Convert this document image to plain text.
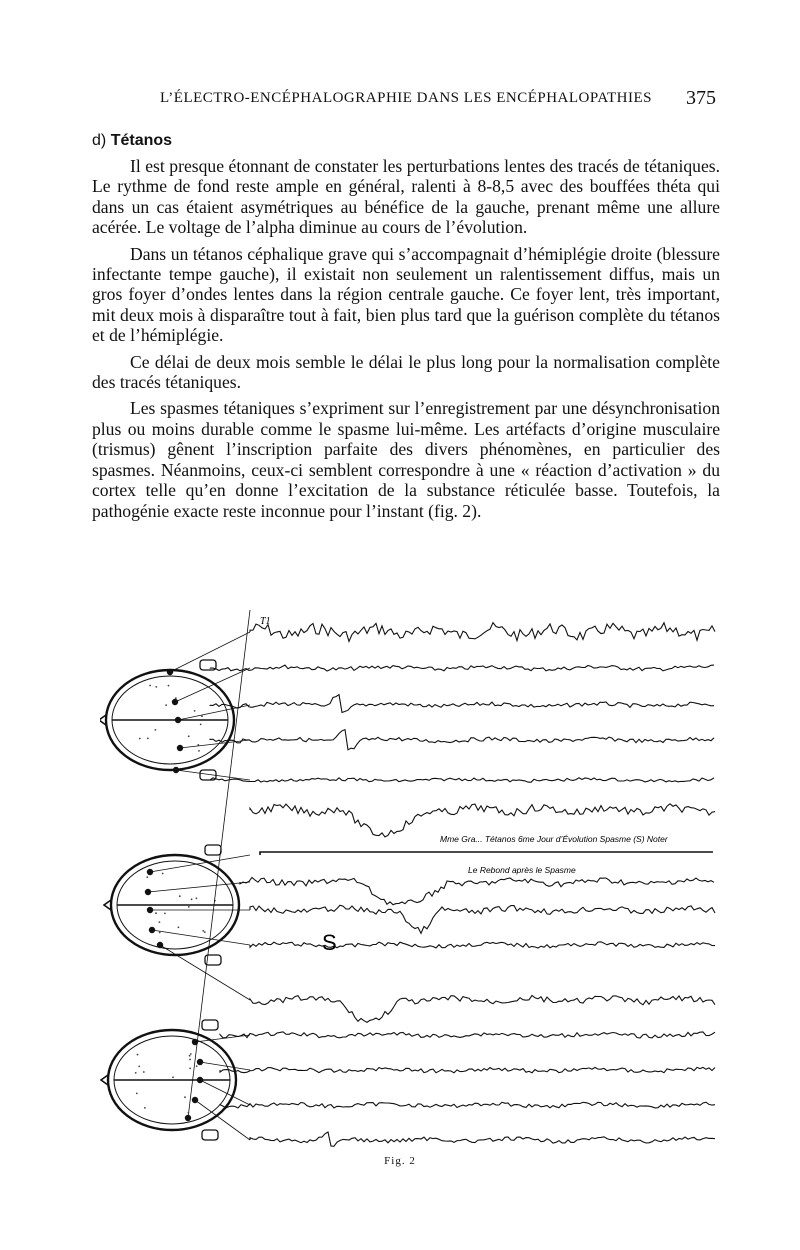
L’ÉLECTRO-ENCÉPHALOGRAPHIE DANS LES ENCÉPHALOPATHIES 375
d) Tétanos

Il est presque étonnant de constater les perturbations lentes des tracés de tétaniques. Le rythme de fond reste ample en général, ralenti à 8-8,5 avec des bouffées théta qui dans un cas étaient asymétriques au bénéfice de la gauche, prenant même une allure acérée. Le voltage de l’alpha diminue au cours de l’évolution.

Dans un tétanos céphalique grave qui s’accompagnait d’hémiplégie droite (blessure infectante tempe gauche), il existait non seulement un ralentissement diffus, mais un gros foyer d’ondes lentes dans la région centrale gauche. Ce foyer lent, très important, mit deux mois à disparaître tout à fait, bien plus tard que la guérison complète du tétanos et de l’hémiplégie.

Ce délai de deux mois semble le délai le plus long pour la normalisation complète des tracés tétaniques.

Les spasmes tétaniques s’expriment sur l’enregistrement par une désynchronisation plus ou moins durable comme le spasme lui-même. Les artéfacts d’origine musculaire (trismus) gênent l’inscription parfaite des divers phénomènes, en particulier des spasmes. Néanmoins, ceux-ci semblent correspondre à une « réaction d’activation » du cortex telle qu’en donne l’excitation de la substance réticulée basse. Toutefois, la pathogénie exacte reste inconnue pour l’instant (fig. 2).

T1
Mme Gra... Tétanos 6me Jour d’Évolution Spasme (S) Noter
Le Rebond après le Spasme
S
Fig. 2
